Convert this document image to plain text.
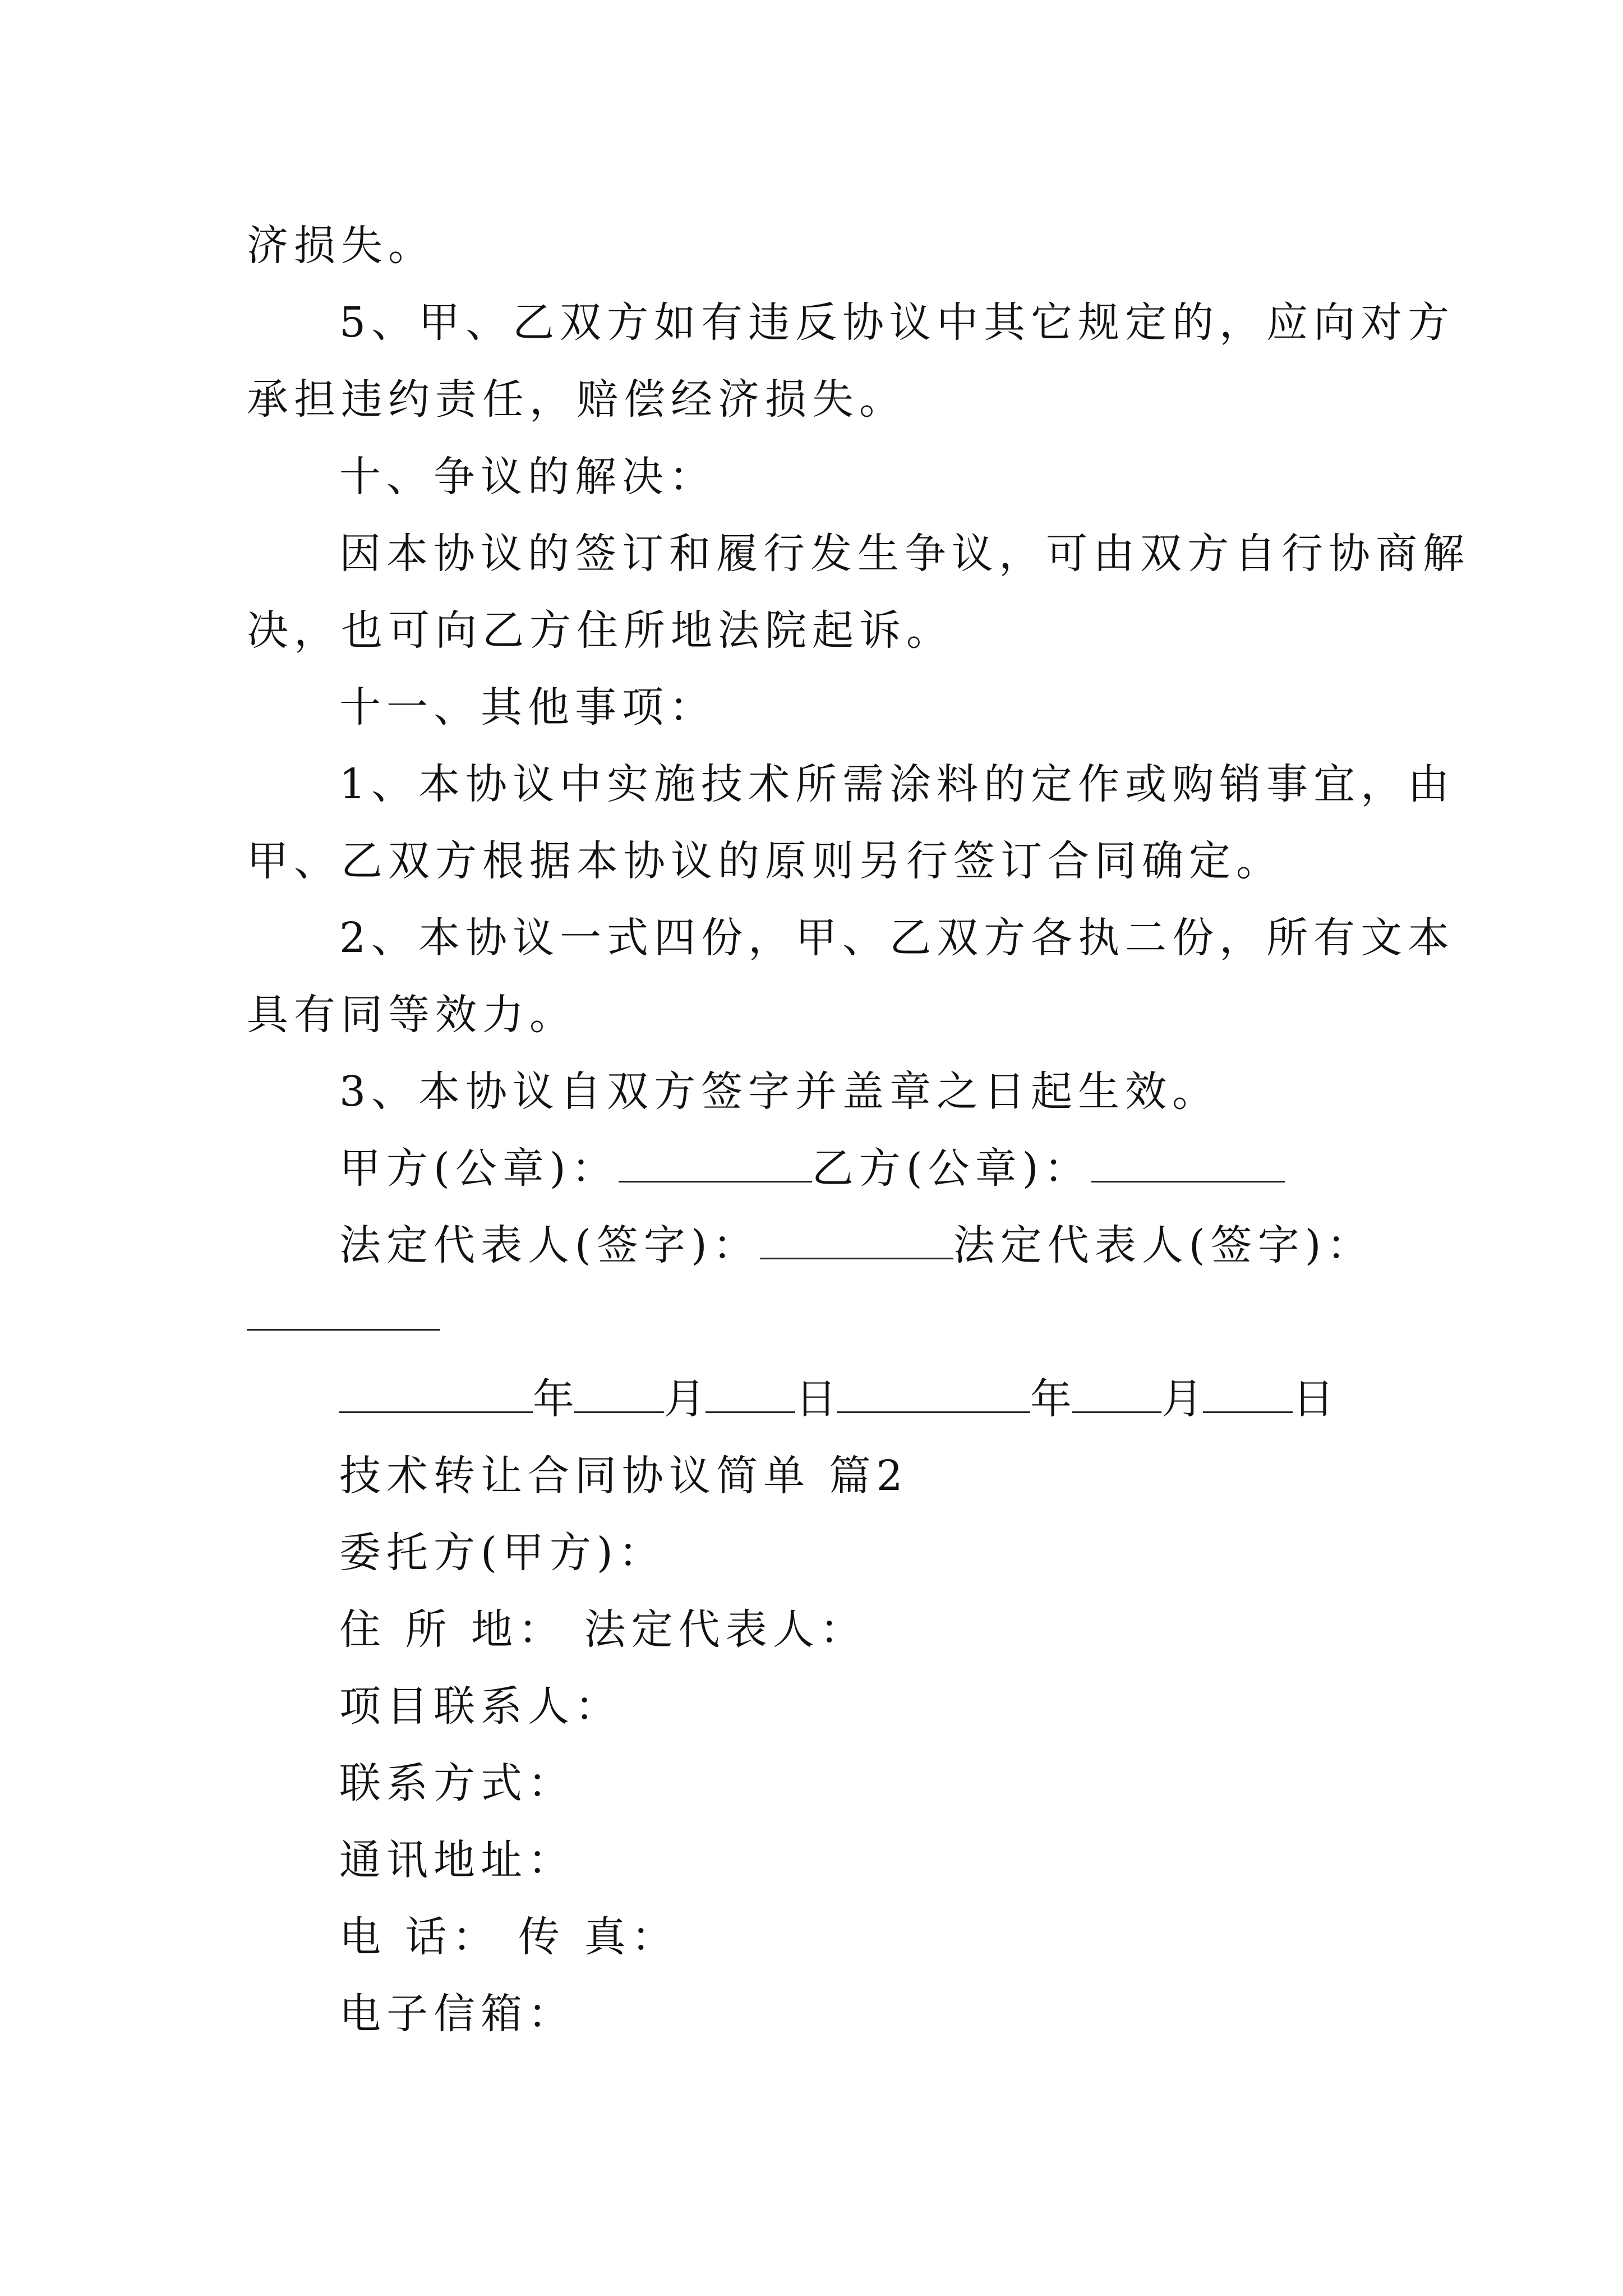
济损失。
5、甲、乙双方如有违反协议中其它规定的，应向对方
承担违约责任，赔偿经济损失。
十、争议的解决：
因本协议的签订和履行发生争议，可由双方自行协商解
决，也可向乙方住所地法院起诉。
十一、其他事项：
1、本协议中实施技术所需涂料的定作或购销事宜，由
甲、乙双方根据本协议的原则另行签订合同确定。
2、本协议一式四份，甲、乙双方各执二份，所有文本
具有同等效力。
3、本协议自双方签字并盖章之日起生效。
甲方(公章)：	乙方(公章)：
法定代表人(签字)：	法定代表人(签字)：
年 月 日	年 月 日
技术转让合同协议简单 篇2
委托方(甲方)：
住 所 地： 法定代表人：
项目联系人：
联系方式：
通讯地址：
电 话： 传 真：
电子信箱：
